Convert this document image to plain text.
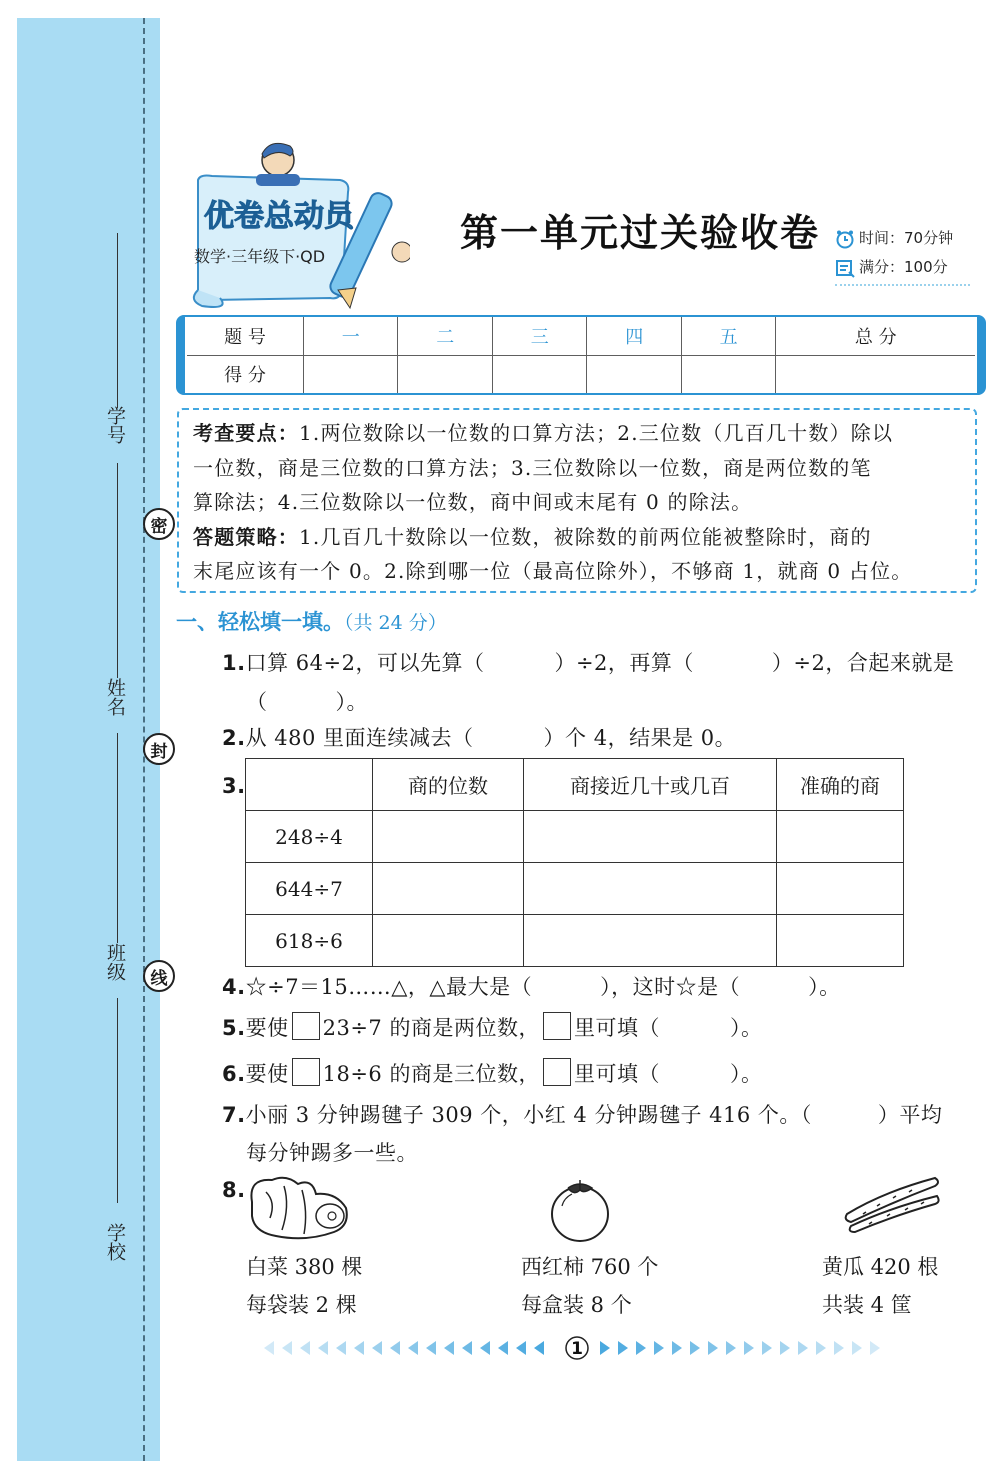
学号
姓名
班级
学校
密
封
线
优卷总动员
数学·三年级下·QD
第一单元过关验收卷	时间：70分钟
满分：100分
题 号	一	二	三	四	五	总 分
得 分						
考查要点：1.两位数除以一位数的口算方法；2.三位数（几百几十数）除以
一位数，商是三位数的口算方法；3.三位数除以一位数，商是两位数的笔
算除法；4.三位数除以一位数，商中间或末尾有 0 的除法。
答题策略：1.几百几十数除以一位数，被除数的前两位能被整除时，商的
末尾应该有一个 0。2.除到哪一位（最高位除外），不够商 1，就商 0 占位。
一、轻松填一填。（共 24 分）
1.口算 64÷2，可以先算（	）÷2，再算（	）÷2，合起来就是
（	）。
2.从 480 里面连续减去（	）个 4，结果是 0。
3.
		商的位数	商接近几十或几百	准确的商
248÷4			
644÷7			
618÷6			
4.☆÷7＝15……△，△最大是（	），这时☆是（	）。
5.要使 23÷7 的商是两位数， 里可填（	）。
6.要使 18÷6 的商是三位数， 里可填（	）。
7.小丽 3 分钟踢毽子 309 个，小红 4 分钟踢毽子 416 个。（	）平均
每分钟踢多一些。
8.
白菜 380 棵
每袋装 2 棵
西红柿 760 个
每盒装 8 个
黄瓜 420 根
共装 4 筐
1
